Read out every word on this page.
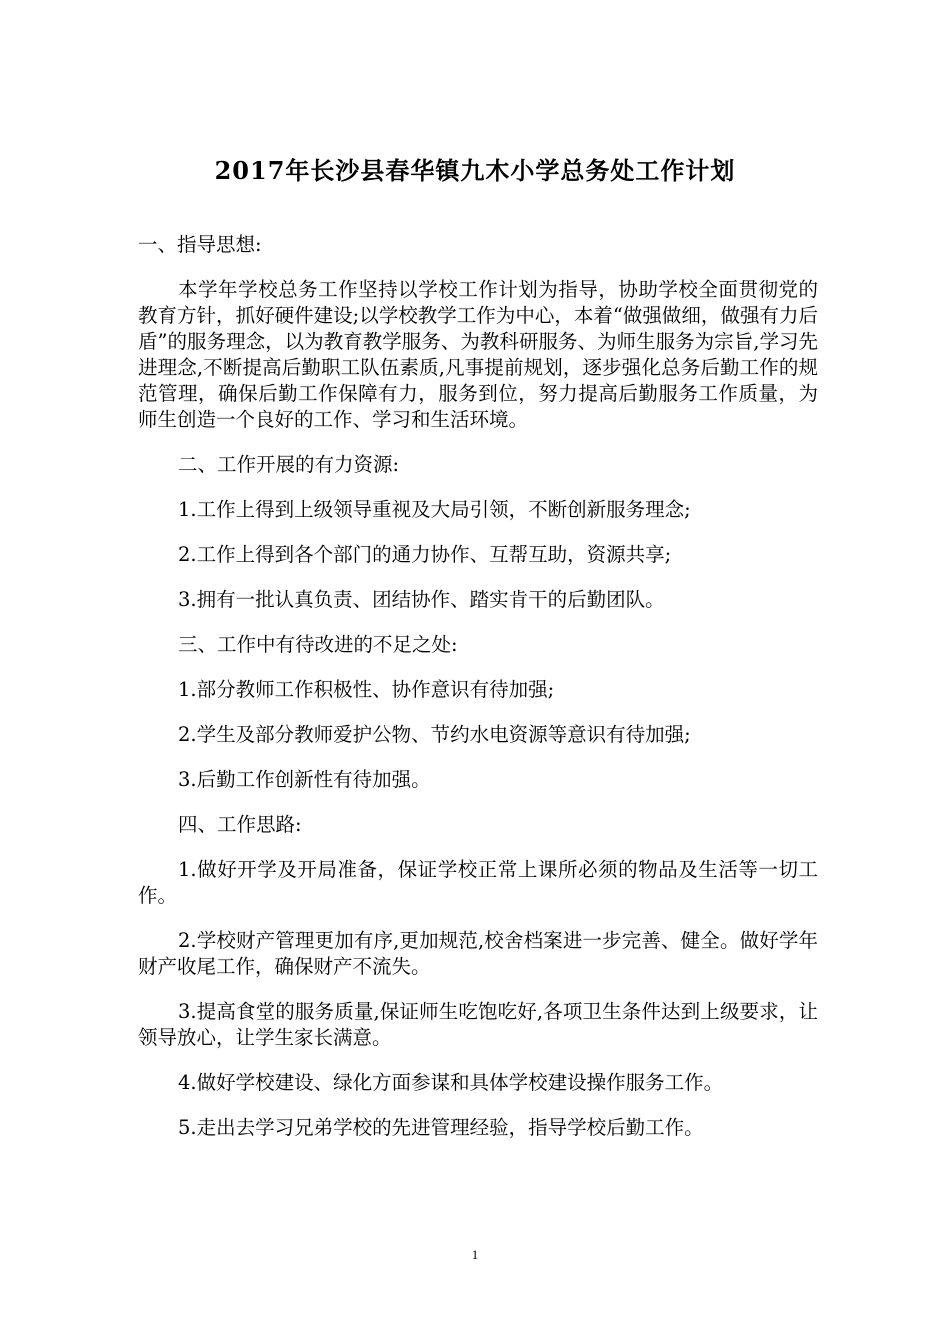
2017年长沙县春华镇九木小学总务处工作计划

一、指导思想:

本学年学校总务工作坚持以学校工作计划为指导，协助学校全面贯彻党的教育方针，抓好硬件建设;以学校教学工作为中心，本着“做强做细，做强有力后盾”的服务理念，以为教育教学服务、为教科研服务、为师生服务为宗旨,学习先进理念,不断提高后勤职工队伍素质,凡事提前规划，逐步强化总务后勤工作的规范管理，确保后勤工作保障有力，服务到位，努力提高后勤服务工作质量，为师生创造一个良好的工作、学习和生活环境。

二、工作开展的有力资源:

1.工作上得到上级领导重视及大局引领，不断创新服务理念;

2.工作上得到各个部门的通力协作、互帮互助，资源共享;

3.拥有一批认真负责、团结协作、踏实肯干的后勤团队。

三、工作中有待改进的不足之处:

1.部分教师工作积极性、协作意识有待加强;

2.学生及部分教师爱护公物、节约水电资源等意识有待加强;

3.后勤工作创新性有待加强。

四、工作思路:

1.做好开学及开局准备，保证学校正常上课所必须的物品及生活等一切工作。

2.学校财产管理更加有序,更加规范,校舍档案进一步完善、健全。做好学年财产收尾工作，确保财产不流失。

3.提高食堂的服务质量,保证师生吃饱吃好,各项卫生条件达到上级要求，让领导放心，让学生家长满意。

4.做好学校建设、绿化方面参谋和具体学校建设操作服务工作。

5.走出去学习兄弟学校的先进管理经验，指导学校后勤工作。

1
